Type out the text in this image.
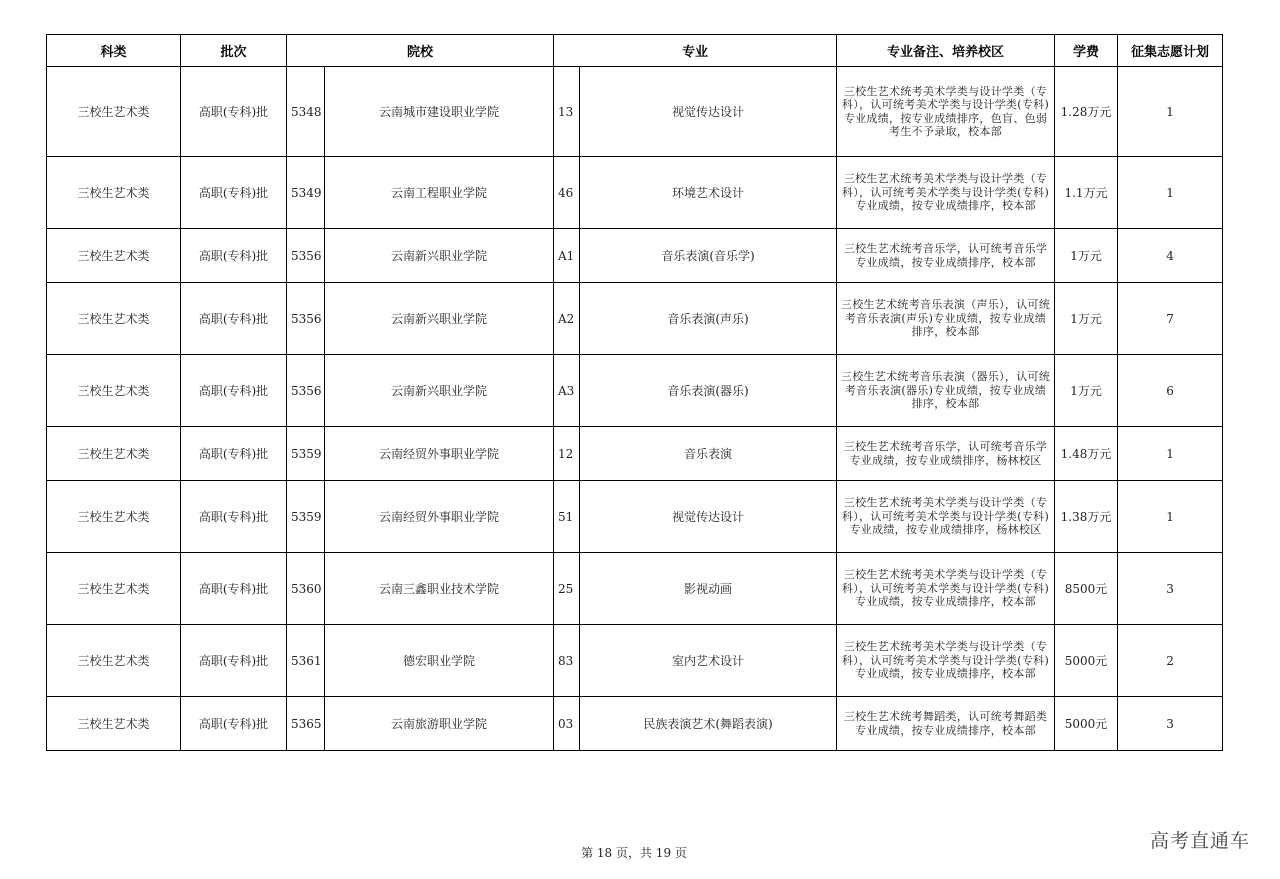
科类	批次	院校		专业		专业备注、培养校区	学费	征集志愿计划
三校生艺术类	高职(专科)批	5348	云南城市建设职业学院	13	视觉传达设计	三校生艺术统考美术学类与设计学类（专科），认可统考美术学类与设计学类(专科)专业成绩，按专业成绩排序，色盲、色弱考生不予录取，校本部	1.28万元	1
三校生艺术类	高职(专科)批	5349	云南工程职业学院	46	环境艺术设计	三校生艺术统考美术学类与设计学类（专科），认可统考美术学类与设计学类(专科)专业成绩，按专业成绩排序，校本部	1.1万元	1
三校生艺术类	高职(专科)批	5356	云南新兴职业学院	A1	音乐表演(音乐学)	三校生艺术统考音乐学，认可统考音乐学专业成绩，按专业成绩排序，校本部	1万元	4
三校生艺术类	高职(专科)批	5356	云南新兴职业学院	A2	音乐表演(声乐)	三校生艺术统考音乐表演（声乐），认可统考音乐表演(声乐)专业成绩，按专业成绩排序，校本部	1万元	7
三校生艺术类	高职(专科)批	5356	云南新兴职业学院	A3	音乐表演(器乐)	三校生艺术统考音乐表演（器乐），认可统考音乐表演(器乐)专业成绩，按专业成绩排序，校本部	1万元	6
三校生艺术类	高职(专科)批	5359	云南经贸外事职业学院	12	音乐表演	三校生艺术统考音乐学，认可统考音乐学专业成绩，按专业成绩排序，杨林校区	1.48万元	1
三校生艺术类	高职(专科)批	5359	云南经贸外事职业学院	51	视觉传达设计	三校生艺术统考美术学类与设计学类（专科），认可统考美术学类与设计学类(专科)专业成绩，按专业成绩排序，杨林校区	1.38万元	1
三校生艺术类	高职(专科)批	5360	云南三鑫职业技术学院	25	影视动画	三校生艺术统考美术学类与设计学类（专科），认可统考美术学类与设计学类(专科)专业成绩，按专业成绩排序，校本部	8500元	3
三校生艺术类	高职(专科)批	5361	德宏职业学院	83	室内艺术设计	三校生艺术统考美术学类与设计学类（专科），认可统考美术学类与设计学类(专科)专业成绩，按专业成绩排序，校本部	5000元	2
三校生艺术类	高职(专科)批	5365	云南旅游职业学院	03	民族表演艺术(舞蹈表演)	三校生艺术统考舞蹈类，认可统考舞蹈类专业成绩，按专业成绩排序，校本部	5000元	3
第 18 页，共 19 页
高考直通车
